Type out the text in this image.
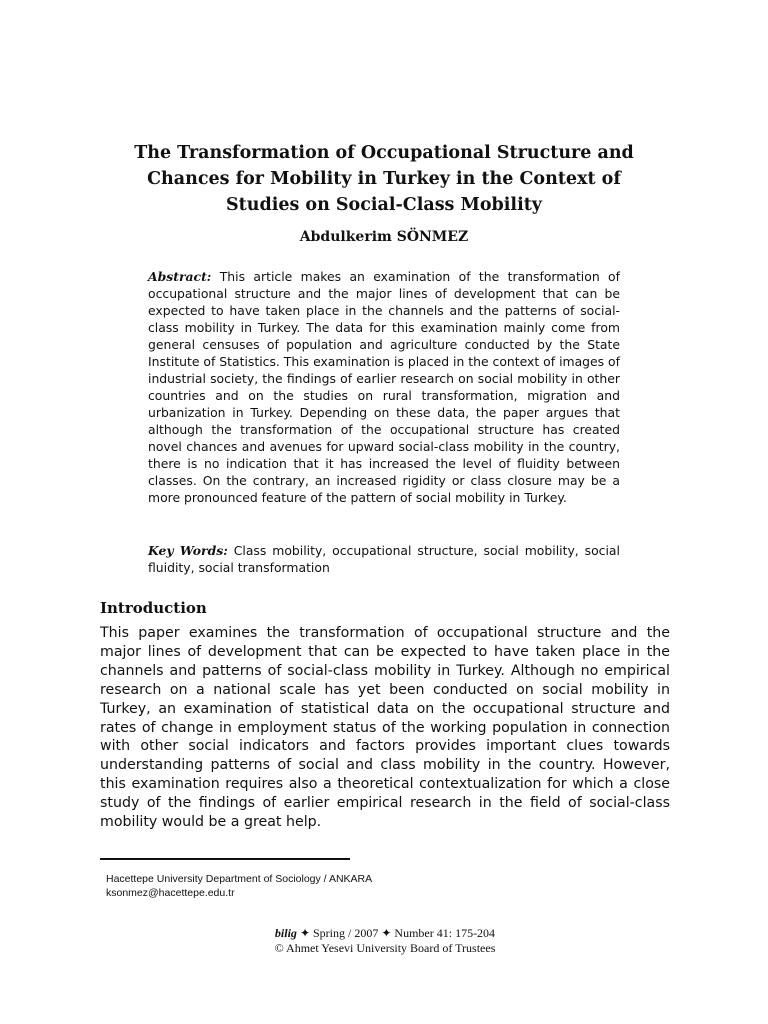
The Transformation of Occupational Structure and
Chances for Mobility in Turkey in the Context of
Studies on Social-Class Mobility
Abdulkerim SÖNMEZ

Abstract: This article makes an examination of the transformation of occupational structure and the major lines of development that can be expected to have taken place in the channels and the patterns of social-class mobility in Turkey. The data for this examination mainly come from general censuses of population and agriculture conducted by the State Institute of Statistics. This examination is placed in the context of images of industrial society, the findings of earlier research on social mobility in other countries and on the studies on rural transformation, migration and urbanization in Turkey. Depending on these data, the paper argues that although the transformation of the occupational structure has created novel chances and avenues for upward social-class mobility in the country, there is no indication that it has increased the level of fluidity between classes. On the contrary, an increased rigidity or class closure may be a more pronounced feature of the pattern of social mobility in Turkey.

Key Words: Class mobility, occupational structure, social mobility, social fluidity, social transformation

Introduction

This paper examines the transformation of occupational structure and the major lines of development that can be expected to have taken place in the channels and patterns of social-class mobility in Turkey. Although no empirical research on a national scale has yet been conducted on social mobility in Turkey, an examination of statistical data on the occupational structure and rates of change in employment status of the working population in connection with other social indicators and factors provides important clues towards understanding patterns of social and class mobility in the country. However, this examination requires also a theoretical contextualization for which a close study of the findings of earlier empirical research in the field of social-class mobility would be a great help.

Hacettepe University Department of Sociology / ANKARA
ksonmez@hacettepe.edu.tr
bilig ✦ Spring / 2007 ✦ Number 41: 175-204
© Ahmet Yesevi University Board of Trustees
